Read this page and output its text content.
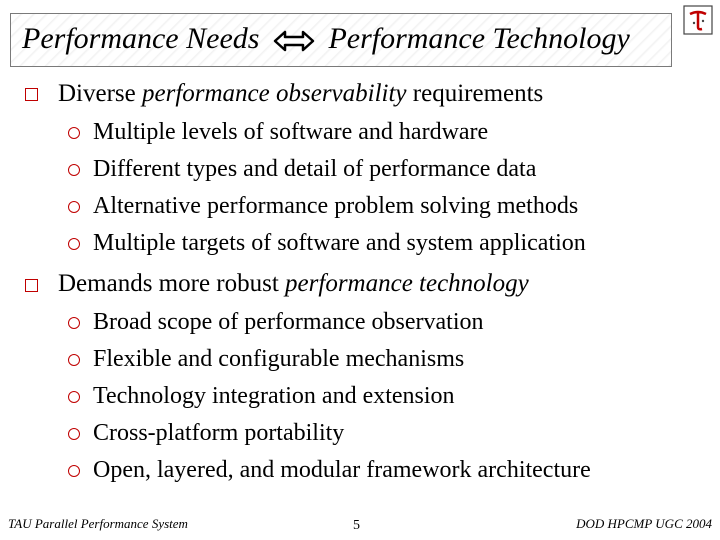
Performance Needs Performance Technology
Diverse performance observability requirements
Multiple levels of software and hardware
Different types and detail of performance data
Alternative performance problem solving methods
Multiple targets of software and system application
Demands more robust performance technology
Broad scope of performance observation
Flexible and configurable mechanisms
Technology integration and extension
Cross-platform portability
Open, layered, and modular framework architecture
TAU Parallel Performance System	5	DOD HPCMP UGC 2004
